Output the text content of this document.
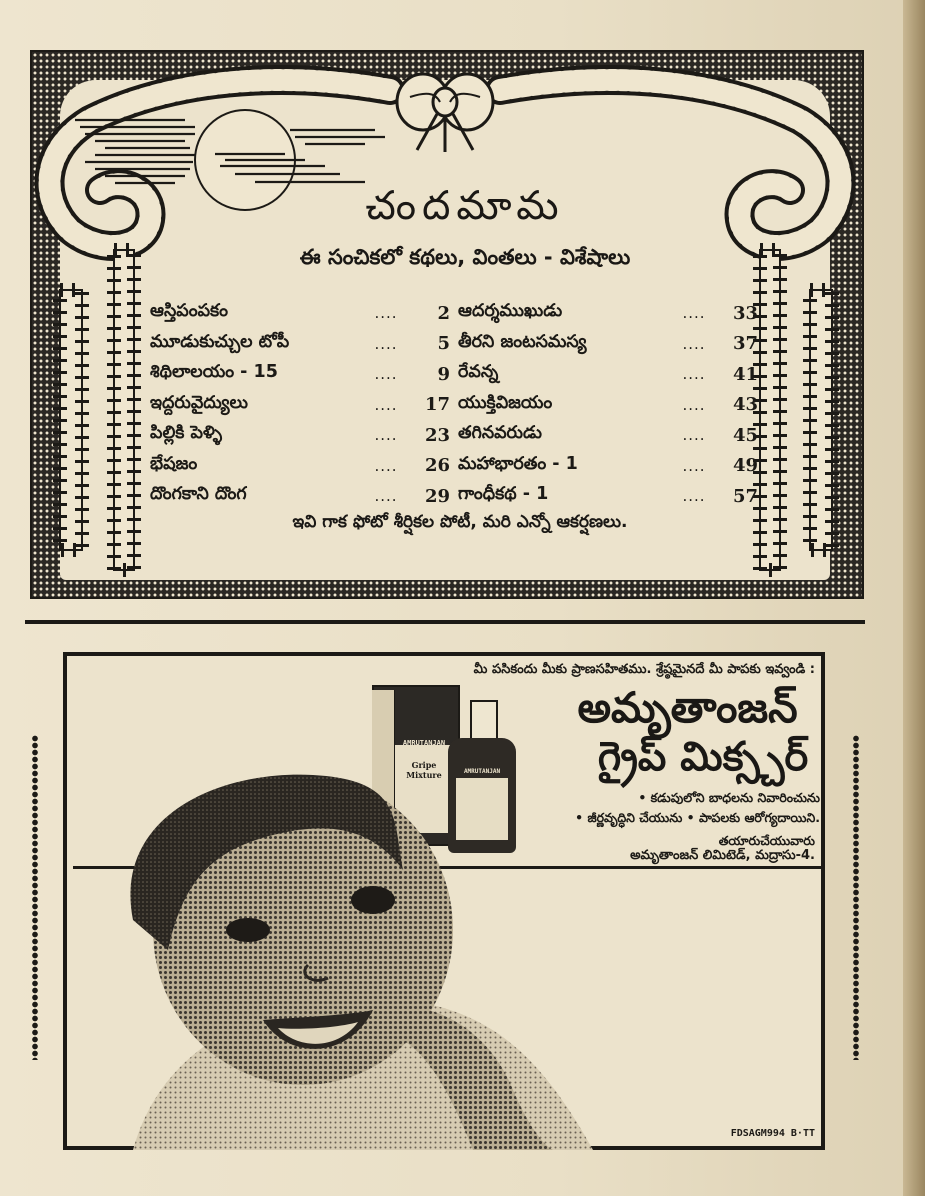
చందమామ
ఈ సంచికలో కథలు, వింతలు - విశేషాలు
ఆస్తిపంపకం	....	2
మూడుకుచ్చుల టోపీ	....	5
శిథిలాలయం - 15	....	9
ఇద్దరువైద్యులు	....	17
పిల్లికి పెళ్ళి	....	23
భేషజం	....	26
దొంగకాని దొంగ	....	29
ఆదర్శముఖుడు	....	33
తీరని జంటసమస్య	....	37
రేవన్న	....	41
యుక్తివిజయం	....	43
తగినవరుడు	....	45
మహాభారతం - 1	....	49
గాంధీకథ - 1	....	57
ఇవి గాక ఫోటో శీర్షికల పోటీ, మరి ఎన్నో ఆకర్షణలు.
మీ పసికందు మీకు ప్రాణసహితము. శ్రేష్ఠమైనదే మీ పాపకు ఇవ్వండి :
AMRUTANJAN
Gripe Mixture	AMRUTANJAN
అమృతాంజన్
గ్రైప్ మిక్స్చర్
• కడుపులోని బాధలను నివారించును
• జీర్ణవృద్ధిని చేయును • పాపలకు ఆరోగ్యదాయిని.
తయారుచేయువారు
అమృతాంజన్ లిమిటెడ్, మద్రాసు-4.
FDSAGM994 B·TT
